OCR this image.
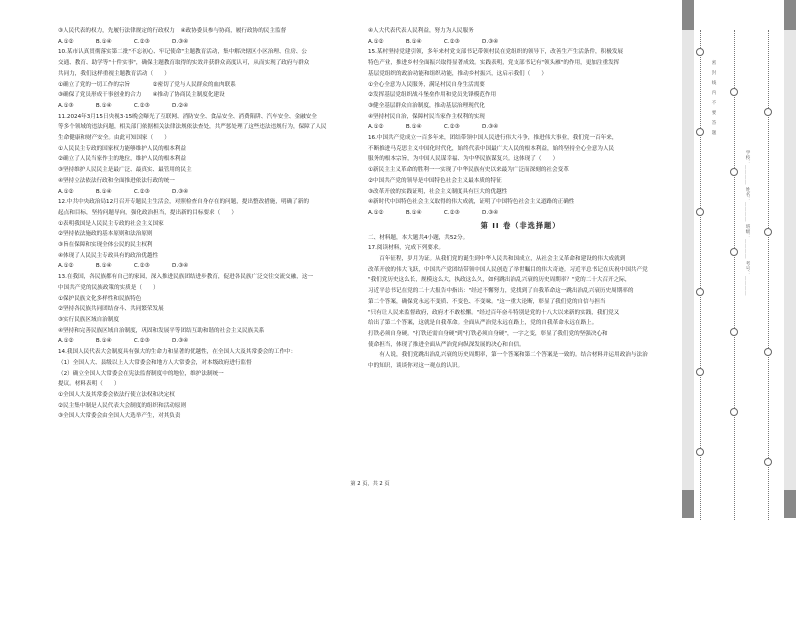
③人民代表的权力，先履行法律规定的行政权力　④政协委员参与协商，履行政协的民主监督
A.①②　　　　B.①④　　　　C.②③　　　　D.③④
10.某市认真贯彻落实第二批"不忘初心、牢记使命"主题教育活动，集中解决辖区小区治理、住房、公
交通、教育、助学等"十件实事"，确保主题教育取得的实效并获群众高度认可，从而实现了政府与群众
共同力，我们这样重视主题教育活动（　　）
①确立了党的一切工作的宗旨　　　　②密切了党与人民群众的血肉联系
③确保了党员形成干事创业的合力　　④推动了协商民主制度化建设
A.①③　　　　B.①④　　　　C.②③　　　　D.②④
11.2024年3月15日央视3·15晚会曝光了互联网、消防安全、食品安全、消费陷阱、汽车安全、金融安全
等多个领域的违法问题，相关部门依据相关法律法规依法查处，共严惩处理了这些违法违规行为，保障了人民
生命健康和财产安全。由此可知国家（　　）
①人民民主专政的国家权力能够维护人民的根本利益
②确立了人民当家作主的地位，维护人民的根本利益
③坚持维护人民民主是最广泛、最真实、最管用的民主
④坚持立法依法行政和全面推进依法行政的统一
A.①②　　　　B.①④　　　　C.②③　　　　D.③④
12.中共中央政治局12月召开专题民主生活会，对照检查自身存在的问题，提出整改措施，明确了新的
起点和目标，坚持问题导向，强化政治担当，提出新的目标要求（　　）
①表明我国是人民民主专政的社会主义国家
②坚持依法施政的基本原则和法治原则
③旨在保障和实现全体公民的民主权利
④体现了人民民主专政具有的政治优越性
A.①②　　　　B.①④　　　　C.②③　　　　D.③④
13.在我国，各民族都有自己的家园，深入推进民族团结进步教育，促进各民族广泛交往交流交融，这一
中国共产党的民族政策的实质是（　　）
①保护民族文化多样性和民族特色
②坚持各民族共同团结奋斗、共同繁荣发展
③实行民族区域自治制度
④坚持和完善民族区域自治制度，巩固和发展平等团结互助和谐的社会主义民族关系
A.①②　　　　B.①④　　　　C.②③　　　　D.③④
14.我国人民代表大会制度具有强大的生命力和显著的优越性，在全国人大及其常委会的工作中：
（1）全国人大、县级以上人大常委会和地方人大常委会，对本级政府进行监督
（2）确立全国人大常委会在宪法监督制度中的地位，维护法制统一
提议。材料表明（　　）
①全国人大及其常委会依法行使立法权和决定权
②民主集中制是人民代表大会制度的组织和活动原则
③全国人大常委会由全国人大选举产生，对其负责
④人大代表代表人民利益，努力为人民服务
A.①②　　　　B.①④　　　　C.②③　　　　D.③④
15.某村坚持党建引领，多年来村党支部书记带领村民在党组织的领导下，改善生产生活条件，积极发展
特色产业，推进乡村全面振兴取得显著成效。实践表明，党支部书记有"领头雁"的作用，更加注重发挥
基层党组织的政治功能和组织功能，推动乡村振兴，这启示我们（　　）
①全心全意为人民服务，满足村民自身生活需要
②发挥基层党组织战斗堡垒作用和党员先锋模范作用
③健全基层群众自治制度，推动基层治理现代化
④坚持村民自治，保障村民当家作主权利的实现
A.①②　　　　B.①④　　　　C.②③　　　　D.③④
16.中国共产党成立一百多年来，团结带领中国人民进行伟大斗争，推进伟大事业，我们党一百年来，
不断推进马克思主义中国化时代化，始终代表中国最广大人民的根本利益，始终坚持全心全意为人民
服务的根本宗旨，为中国人民谋幸福、为中华民族谋复兴。这体现了（　　）
①新民主主义革命的胜利一一实现了中华民族有史以来最为广泛而深刻的社会变革
②中国共产党的领导是中国特色社会主义最本质的特征
③改革开放的实践证明，社会主义制度具有巨大的优越性
④新时代中国特色社会主义取得的伟大成就，证明了中国特色社会主义道路的正确性
A.①②　　　　B.①④　　　　C.②③　　　　D.③④
第 II 卷（非选择题）
二、材料题，本大题共4小题，共52分。
17.阅读材料，完成下列要求。
　　百年征程，岁月为证。从我们党的诞生到中华人民共和国成立，从社会主义革命和建设的伟大成就到
改革开放的伟大飞跃，中国共产党团结带领中国人民创造了举世瞩目的伟大奇迹。习近平总书记在庆祝中国共产党
"我们党历史这么长，规模这么大，执政这么久，如何跳出治乱兴衰的历史周期率？"党的二十大召开之际，
习近平总书记在党的二十大报告中指出："经过不懈努力，党找到了自我革命这一跳出治乱兴衰历史周期率的
第二个答案，确保党永远不变质、不变色、不变味。"这一重大论断，彰显了我们党的自信与担当
"只有让人民来监督政府，政府才不敢松懈。"经过百年奋斗特别是党的十八大以来新的实践，我们党又
给出了第二个答案，这就是自我革命。全面从严治党永远在路上，党的自我革命永远在路上。
打铁必须自身硬。"打铁还需自身硬"到"打铁必须自身硬"，一字之变，彰显了我们党的坚强决心和
使命担当，体现了推进全面从严治党向纵深发展的决心和自信。
　　有人说，我们党跳出治乱兴衰的历史周期率，第一个答案和第二个答案是一致的。结合材料并运用政治与法治
中的知识，谈谈你对这一观点的认识。
第 2 页，共 2 页
密　封　线　内　不　要　答　题
学校：＿＿＿＿ 姓名：＿＿＿＿ 班级：＿＿＿＿ 考号：＿＿＿＿
